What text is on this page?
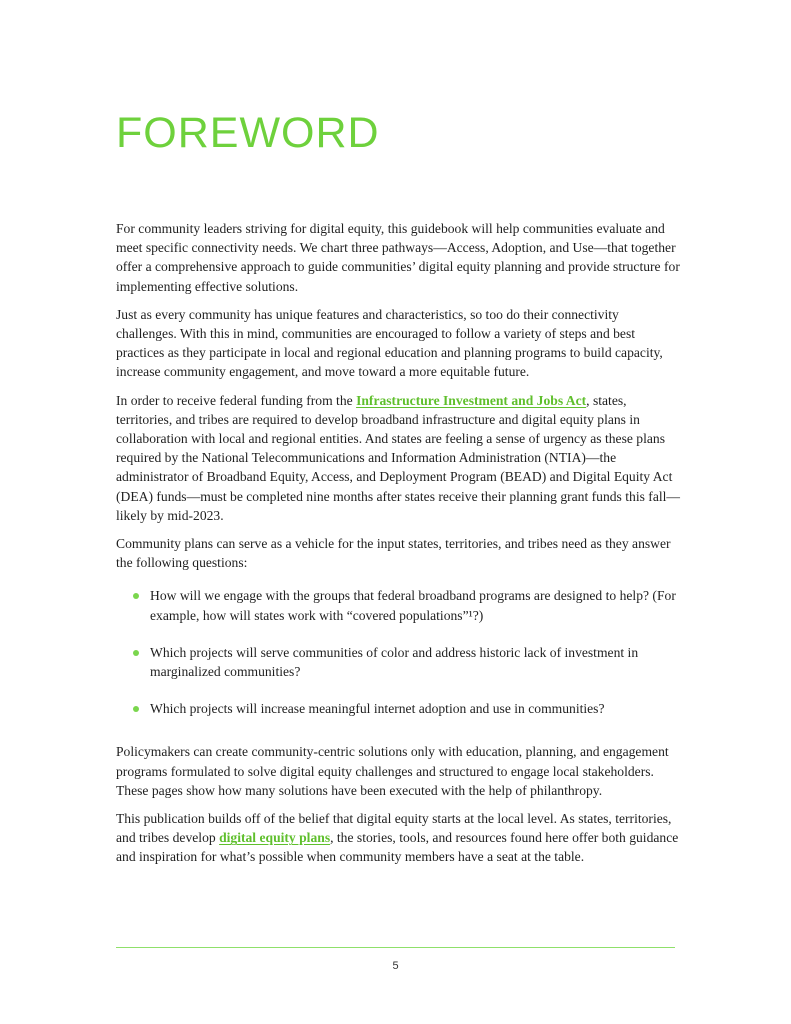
FOREWORD

For community leaders striving for digital equity, this guidebook will help communities evaluate and meet specific connectivity needs. We chart three pathways—Access, Adoption, and Use—that together offer a comprehensive approach to guide communities’ digital equity planning and provide structure for implementing effective solutions.

Just as every community has unique features and characteristics, so too do their connectivity challenges. With this in mind, communities are encouraged to follow a variety of steps and best practices as they participate in local and regional education and planning programs to build capacity, increase community engagement, and move toward a more equitable future.

In order to receive federal funding from the Infrastructure Investment and Jobs Act, states, territories, and tribes are required to develop broadband infrastructure and digital equity plans in collaboration with local and regional entities. And states are feeling a sense of urgency as these plans required by the National Telecommunications and Information Administration (NTIA)—the administrator of Broadband Equity, Access, and Deployment Program (BEAD) and Digital Equity Act (DEA) funds—must be completed nine months after states receive their planning grant funds this fall—likely by mid-2023.

Community plans can serve as a vehicle for the input states, territories, and tribes need as they answer the following questions:

How will we engage with the groups that federal broadband programs are designed to help? (For example, how will states work with “covered populations”¹?)
Which projects will serve communities of color and address historic lack of investment in marginalized communities?
Which projects will increase meaningful internet adoption and use in communities?

Policymakers can create community-centric solutions only with education, planning, and engagement programs formulated to solve digital equity challenges and structured to engage local stakeholders. These pages show how many solutions have been executed with the help of philanthropy.

This publication builds off of the belief that digital equity starts at the local level. As states, territories, and tribes develop digital equity plans, the stories, tools, and resources found here offer both guidance and inspiration for what’s possible when community members have a seat at the table.

5
